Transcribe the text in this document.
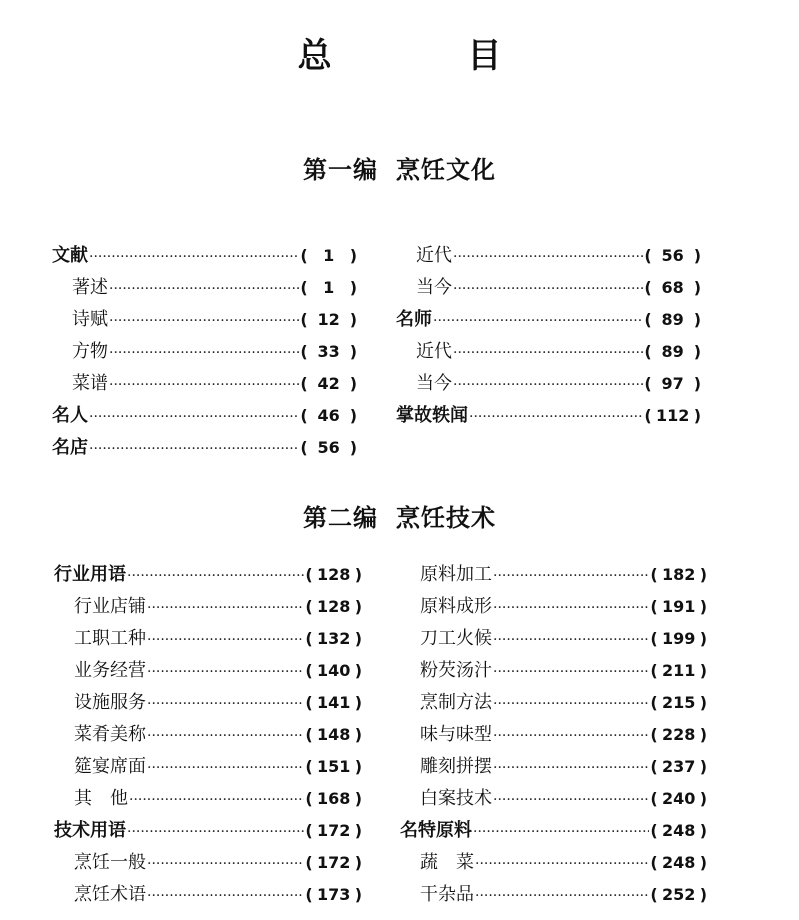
总 目
第一编 烹饪文化
文献 ·····	( 1 )
著述 ·····	( 1 )
诗赋 ·····	( 12 )
方物 ·····	( 33 )
菜谱 ·····	( 42 )
名人 ·····	( 46 )
名店 ·····	( 56 )
近代 ·····	( 56 )
当今 ·····	( 68 )
名师 ·····	( 89 )
近代 ·····	( 89 )
当今 ·····	( 97 )
掌故轶闻 ·····	( 112 )
第二编 烹饪技术
行业用语 ·····	( 128 )
行业店铺 ·····	( 128 )
工职工种 ·····	( 132 )
业务经营 ·····	( 140 )
设施服务 ·····	( 141 )
菜肴美称 ·····	( 148 )
筵宴席面 ·····	( 151 )
其　他 ·····	( 168 )
技术用语 ·····	( 172 )
烹饪一般 ·····	( 172 )
烹饪术语 ·····	( 173 )
原料加工 ·····	( 182 )
原料成形 ·····	( 191 )
刀工火候 ·····	( 199 )
粉芡汤汁 ·····	( 211 )
烹制方法 ·····	( 215 )
味与味型 ·····	( 228 )
雕刻拼摆 ·····	( 237 )
白案技术 ·····	( 240 )
名特原料 ·····	( 248 )
蔬　菜 ·····	( 248 )
干杂品 ·····	( 252 )
